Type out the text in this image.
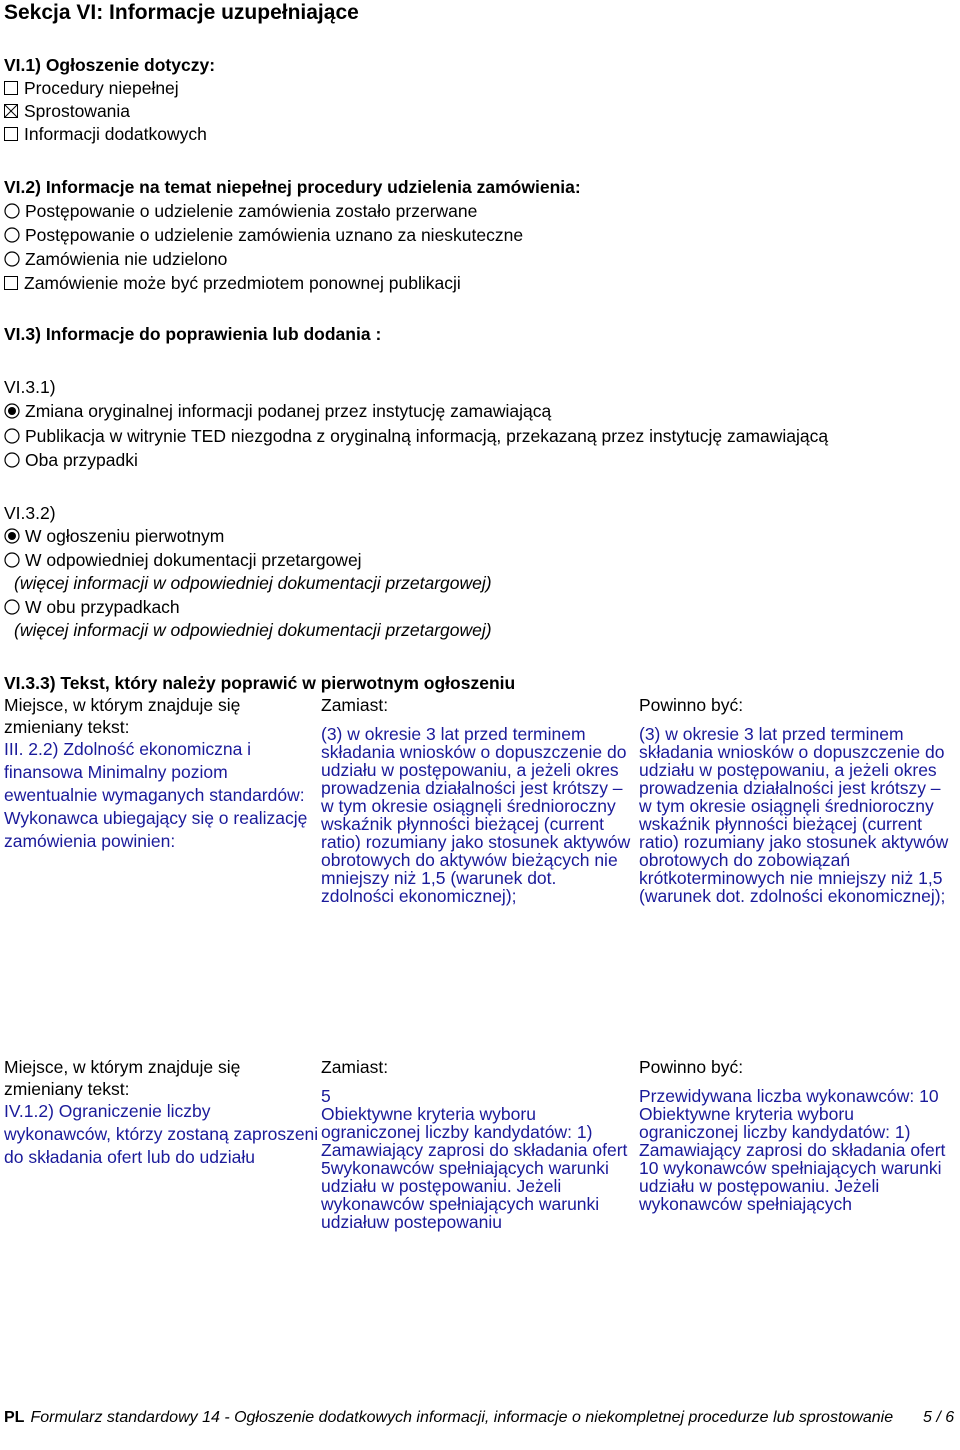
Sekcja VI: Informacje uzupełniające
VI.1) Ogłoszenie dotyczy:
Procedury niepełnej
Sprostowania
Informacji dodatkowych
VI.2) Informacje na temat niepełnej procedury udzielenia zamówienia:
Postępowanie o udzielenie zamówienia zostało przerwane
Postępowanie o udzielenie zamówienia uznano za nieskuteczne
Zamówienia nie udzielono
Zamówienie może być przedmiotem ponownej publikacji
VI.3) Informacje do poprawienia lub dodania :
VI.3.1)
Zmiana oryginalnej informacji podanej przez instytucję zamawiającą
Publikacja w witrynie TED niezgodna z oryginalną informacją, przekazaną przez instytucję zamawiającą
Oba przypadki
VI.3.2)
W ogłoszeniu pierwotnym
W odpowiedniej dokumentacji przetargowej
(więcej informacji w odpowiedniej dokumentacji przetargowej)
W obu przypadkach
(więcej informacji w odpowiedniej dokumentacji przetargowej)
VI.3.3) Tekst, który należy poprawić w pierwotnym ogłoszeniu
Miejsce, w którym znajduje się zmieniany tekst:
III. 2.2) Zdolność ekonomiczna i finansowa Minimalny poziom ewentualnie wymaganych standardów: Wykonawca ubiegający się o realizację zamówienia powinien:
Zamiast:
(3) w okresie 3 lat przed terminem składania wniosków o dopuszczenie do udziału w postępowaniu, a jeżeli okres prowadzenia działalności jest krótszy – w tym okresie osiągnęli średnioroczny wskaźnik płynności bieżącej (current ratio) rozumiany jako stosunek aktywów obrotowych do aktywów bieżących nie mniejszy niż 1,5 (warunek dot. zdolności ekonomicznej);
Powinno być:
(3) w okresie 3 lat przed terminem składania wniosków o dopuszczenie do udziału w postępowaniu, a jeżeli okres prowadzenia działalności jest krótszy – w tym okresie osiągnęli średnioroczny wskaźnik płynności bieżącej (current ratio) rozumiany jako stosunek aktywów obrotowych do zobowiązań krótkoterminowych nie mniejszy niż 1,5 (warunek dot. zdolności ekonomicznej);
Miejsce, w którym znajduje się zmieniany tekst:
IV.1.2) Ograniczenie liczby wykonawców, którzy zostaną zaproszeni do składania ofert lub do udziału
Zamiast:
5
Obiektywne kryteria wyboru ograniczonej liczby kandydatów: 1) Zamawiający zaprosi do składania ofert 5wykonawców spełniających warunki udziału w postępowaniu. Jeżeli wykonawców spełniających warunki udziałuw postepowaniu
Powinno być:
Przewidywana liczba wykonawców: 10
Obiektywne kryteria wyboru ograniczonej liczby kandydatów: 1) Zamawiający zaprosi do składania ofert 10 wykonawców spełniających warunki udziału w postępowaniu. Jeżeli wykonawców spełniających
PL Formularz standardowy 14 - Ogłoszenie dodatkowych informacji, informacje o niekompletnej procedurze lub sprostowanie	5 / 6
